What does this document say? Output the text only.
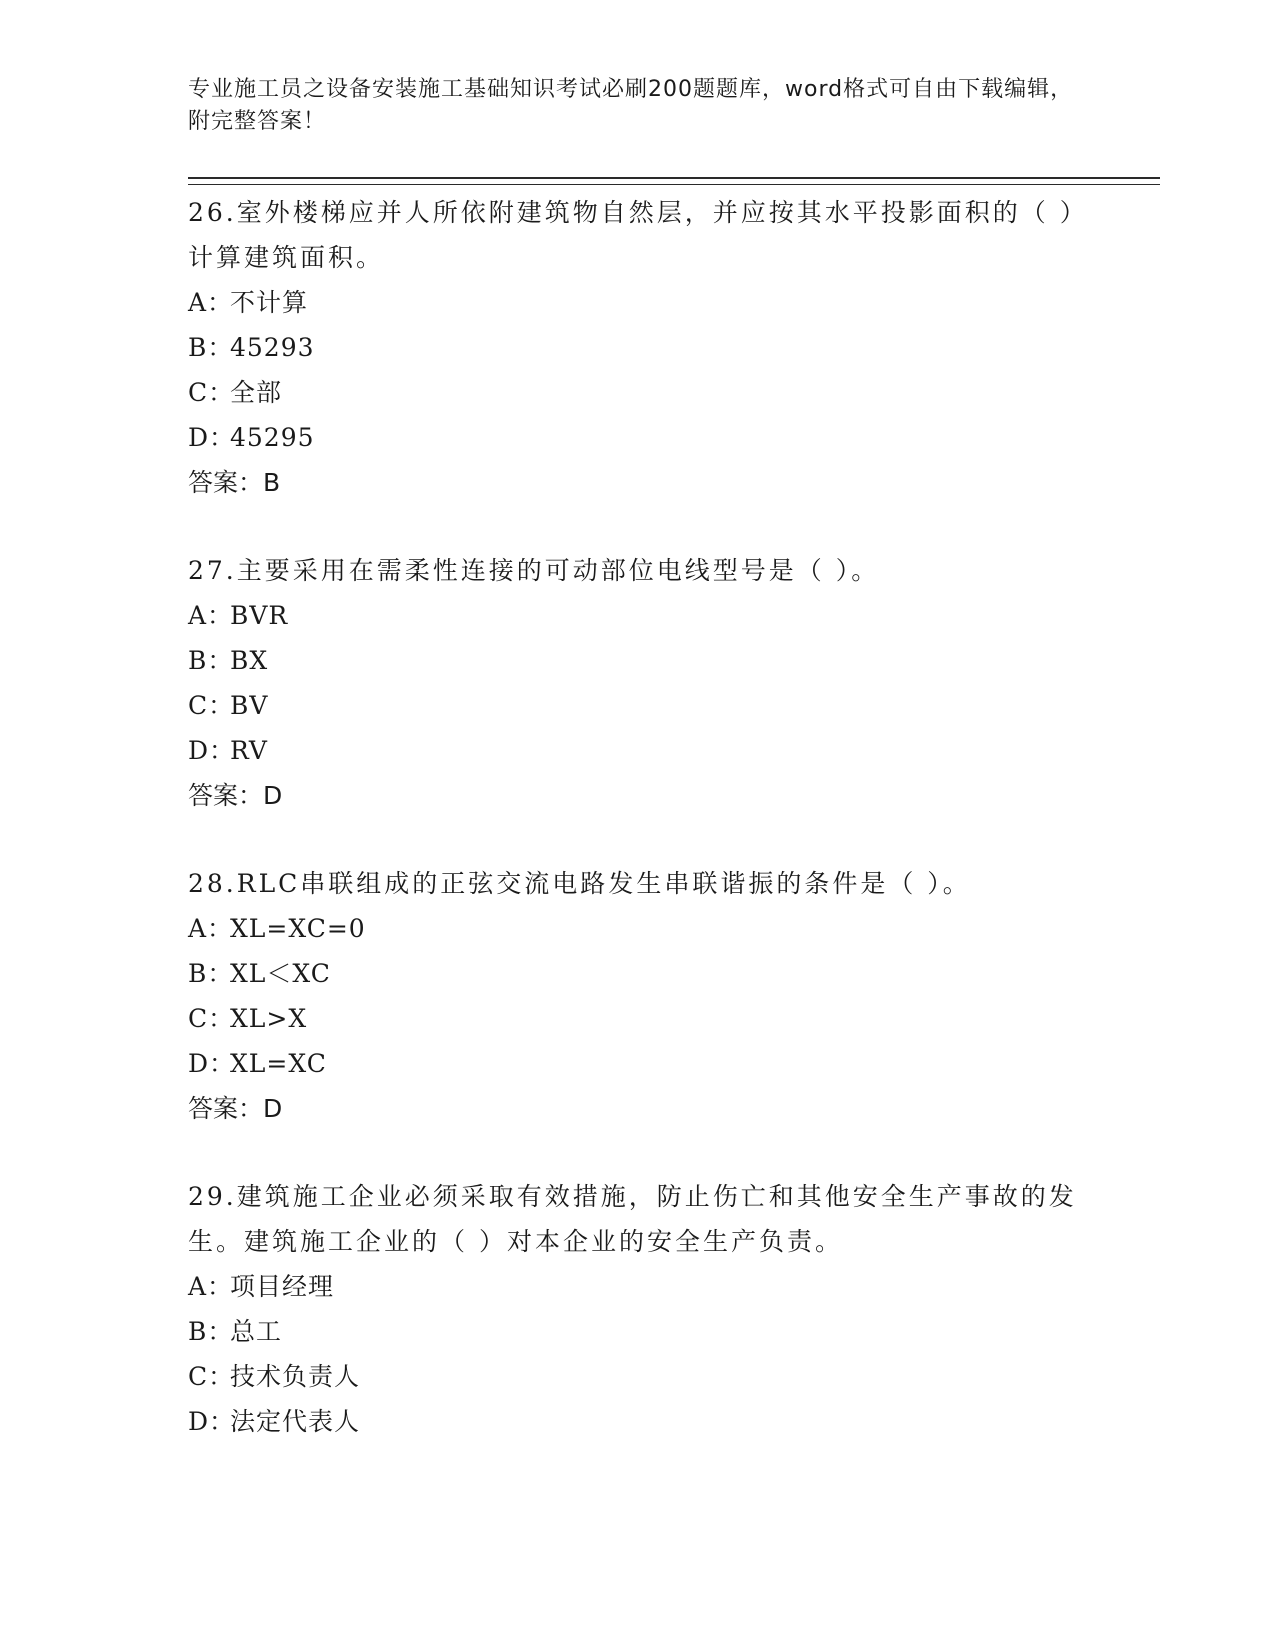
专业施工员之设备安装施工基础知识考试必刷200题题库，word格式可自由下载编辑，附完整答案！
26.室外楼梯应并人所依附建筑物自然层，并应按其水平投影面积的（ ）计算建筑面积。
A：不计算
B：45293
C：全部
D：45295
答案：B
27.主要采用在需柔性连接的可动部位电线型号是（ ）。
A：BVR
B：BX
C：BV
D：RV
答案：D
28.RLC串联组成的正弦交流电路发生串联谐振的条件是（ ）。
A：XL=XC=0
B：XL＜XC
C：XL>X
D：XL=XC
答案：D
29.建筑施工企业必须采取有效措施，防止伤亡和其他安全生产事故的发生。建筑施工企业的（ ）对本企业的安全生产负责。
A：项目经理
B：总工
C：技术负责人
D：法定代表人
